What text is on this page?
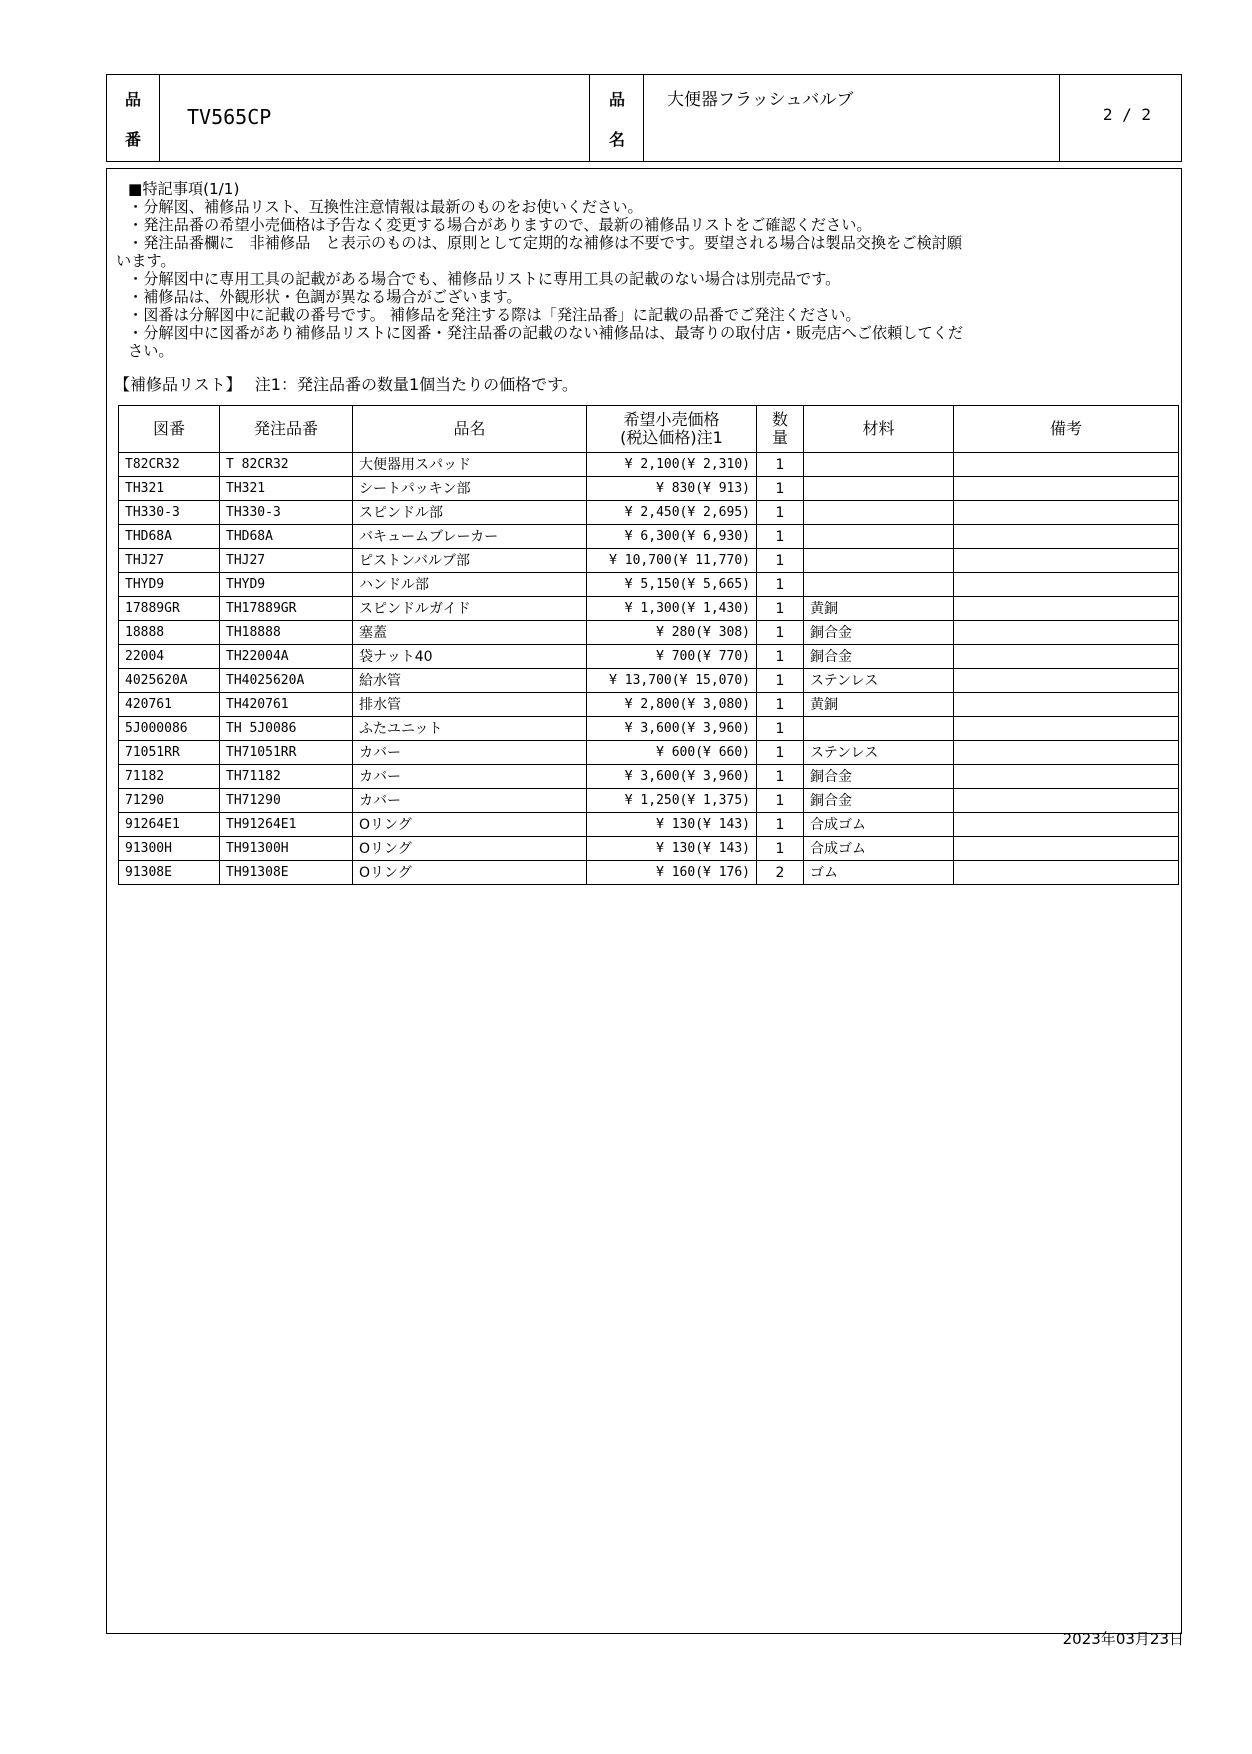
品
番
TV565CP
品
名
大便器フラッシュバルブ
2 / 2
■特記事項(1/1)
・分解図、補修品リスト、互換性注意情報は最新のものをお使いください。
・発注品番の希望小売価格は予告なく変更する場合がありますので、最新の補修品リストをご確認ください。
・発注品番欄に　非補修品　と表示のものは、原則として定期的な補修は不要です。要望される場合は製品交換をご検討願
います。
・分解図中に専用工具の記載がある場合でも、補修品リストに専用工具の記載のない場合は別売品です。
・補修品は、外観形状・色調が異なる場合がございます。
・図番は分解図中に記載の番号です。 補修品を発注する際は「発注品番」に記載の品番でご発注ください。
・分解図中に図番があり補修品リストに図番・発注品番の記載のない補修品は、最寄りの取付店・販売店へご依頼してくだ
さい。
【補修品リスト】　 注1：発注品番の数量1個当たりの価格です。
図番	発注品番	品名	希望小売価格
(税込価格)注1	数
量	材料	備考
T82CR32	T 82CR32	大便器用スパッド	¥ 2,100(¥ 2,310)	1		
TH321	TH321	シートパッキン部	¥ 830(¥ 913)	1		
TH330-3	TH330-3	スピンドル部	¥ 2,450(¥ 2,695)	1		
THD68A	THD68A	バキュームブレーカー	¥ 6,300(¥ 6,930)	1		
THJ27	THJ27	ピストンバルブ部	¥ 10,700(¥ 11,770)	1		
THYD9	THYD9	ハンドル部	¥ 5,150(¥ 5,665)	1		
17889GR	TH17889GR	スピンドルガイド	¥ 1,300(¥ 1,430)	1	黄銅	
18888	TH18888	塞蓋	¥ 280(¥ 308)	1	銅合金	
22004	TH22004A	袋ナット40	¥ 700(¥ 770)	1	銅合金	
4025620A	TH4025620A	給水管	¥ 13,700(¥ 15,070)	1	ステンレス	
420761	TH420761	排水管	¥ 2,800(¥ 3,080)	1	黄銅	
5J000086	TH 5J0086	ふたユニット	¥ 3,600(¥ 3,960)	1		
71051RR	TH71051RR	カバー	¥ 600(¥ 660)	1	ステンレス	
71182	TH71182	カバー	¥ 3,600(¥ 3,960)	1	銅合金	
71290	TH71290	カバー	¥ 1,250(¥ 1,375)	1	銅合金	
91264E1	TH91264E1	Oリング	¥ 130(¥ 143)	1	合成ゴム	
91300H	TH91300H	Oリング	¥ 130(¥ 143)	1	合成ゴム	
91308E	TH91308E	Oリング	¥ 160(¥ 176)	2	ゴム	
2023年03月23日
